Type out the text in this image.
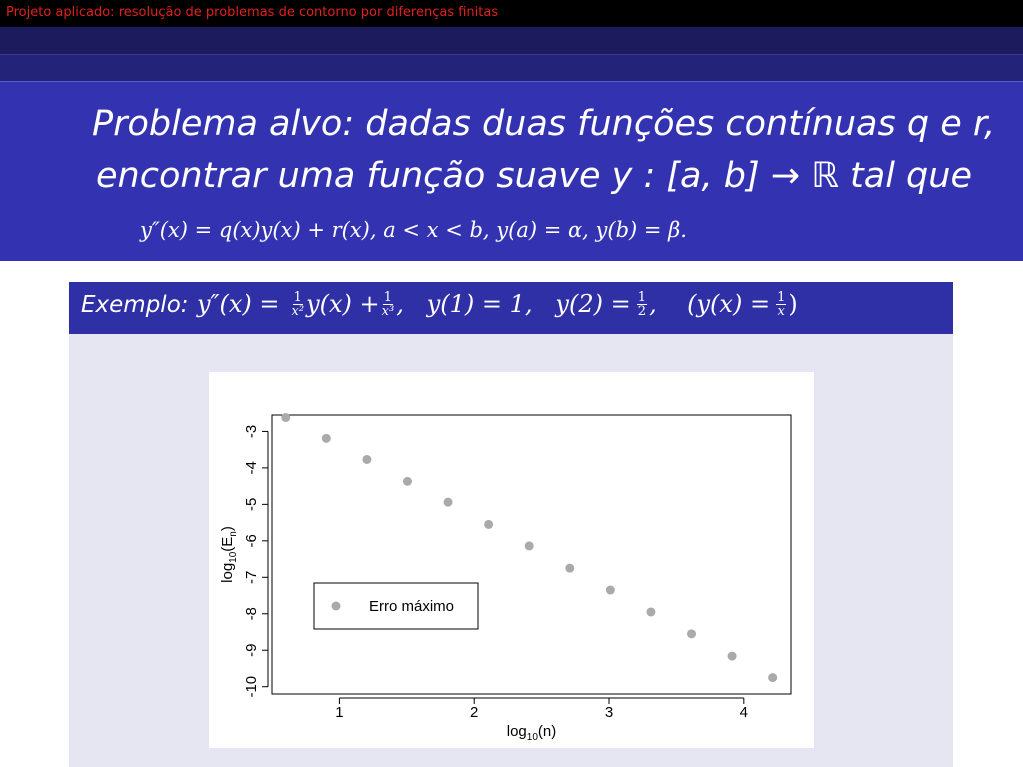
Projeto aplicado: resolução de problemas de contorno por diferenças finitas
Problema alvo: dadas duas funções contínuas q e r,
encontrar uma função suave y : [a, b] → ℝ tal que
y″(x) = q(x)y(x) + r(x), a < x < b, y(a) = α, y(b) = β.
Exemplo: $y''(x) = \frac{1}{\text{x²}} y(x) + \frac{1}{\text{x³}}$ ,   y(1) = 1,   $y(2) = \frac{1}{2}$ ,    ($y(x) = \frac{1}{x}$ )
1	2	3	4
-3
-4
-5
-6
-7
-8
-9
-10
$\log_{10}(n)$
$\log_{10}(E_n)$
Erro máximo
